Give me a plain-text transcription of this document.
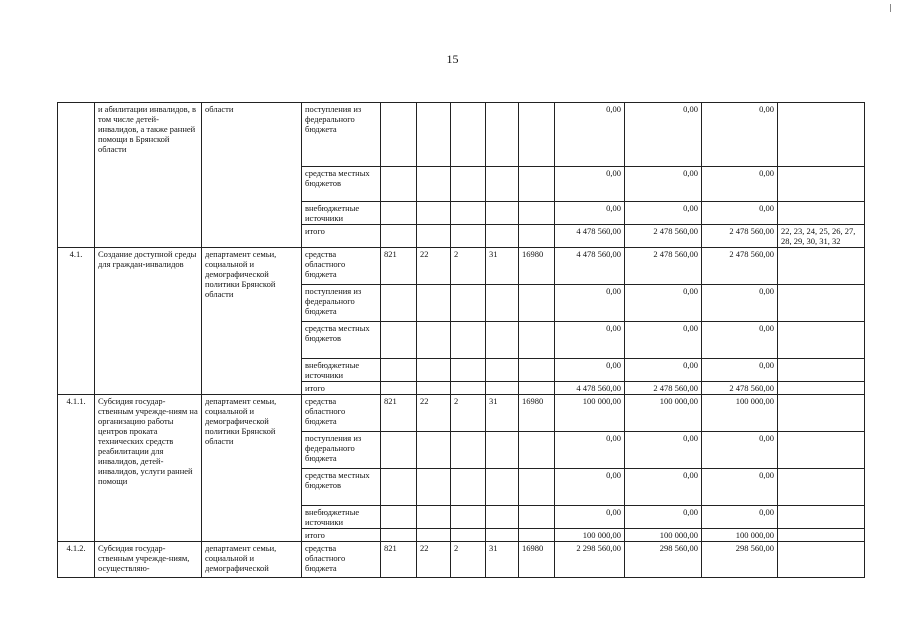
15
	и абилитации инвалидов, в том числе детей-инвалидов, а также ранней помощи в Брянской области	области	поступления из федерального бюджета						0,00	0,00	0,00	
			средства местных бюджетов						0,00	0,00	0,00	
			внебюджетные источники						0,00	0,00	0,00	
			итого						4 478 560,00	2 478 560,00	2 478 560,00	22, 23, 24, 25, 26, 27, 28, 29, 30, 31, 32
4.1.	Создание доступной среды для граждан-инвалидов	департамент семьи, социальной и демографической политики Брянской области	средства областного бюджета	821	22	2	31	16980	4 478 560,00	2 478 560,00	2 478 560,00	
			поступления из федерального бюджета						0,00	0,00	0,00	
			средства местных бюджетов						0,00	0,00	0,00	
			внебюджетные источники						0,00	0,00	0,00	
			итого						4 478 560,00	2 478 560,00	2 478 560,00	
4.1.1.	Субсидия государ-ственным учрежде-ниям на организацию работы центров проката технических средств реабилитации для инвалидов, детей-инвалидов, услуги ранней помощи	департамент семьи, социальной и демографической политики Брянской области	средства областного бюджета	821	22	2	31	16980	100 000,00	100 000,00	100 000,00	
			поступления из федерального бюджета						0,00	0,00	0,00	
			средства местных бюджетов						0,00	0,00	0,00	
			внебюджетные источники						0,00	0,00	0,00	
			итого						100 000,00	100 000,00	100 000,00	
4.1.2.	Субсидия государ-ственным учрежде-ниям, осуществляю-	департамент семьи, социальной и демографической	средства областного бюджета	821	22	2	31	16980	2 298 560,00	298 560,00	298 560,00	
